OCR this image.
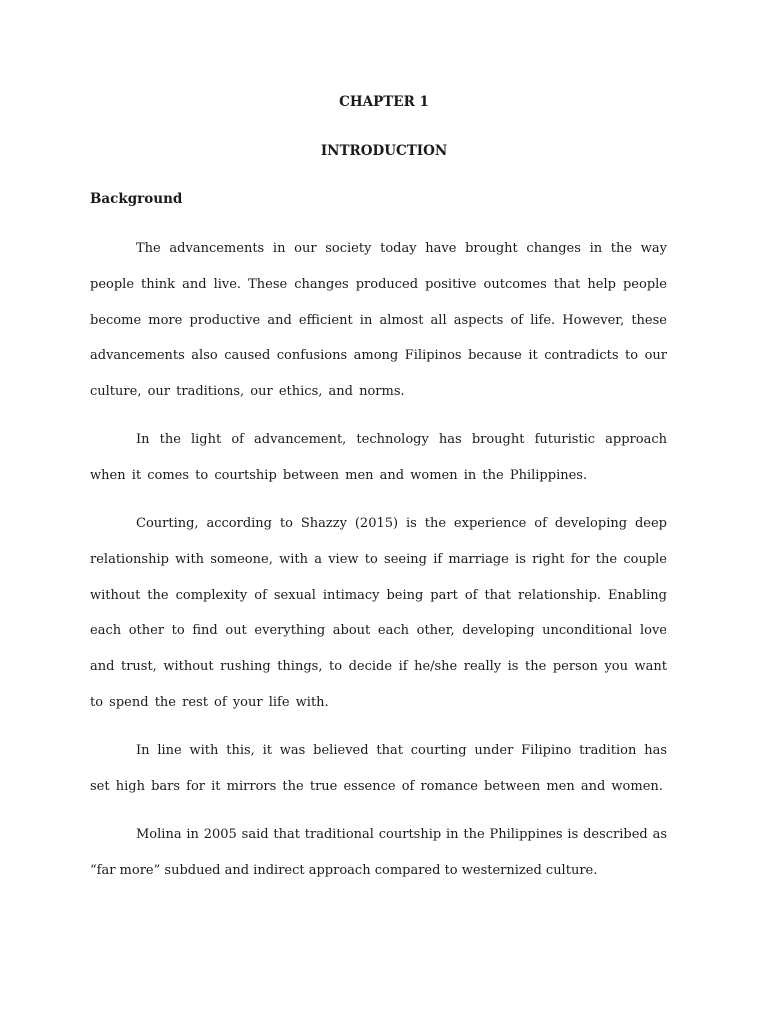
CHAPTER 1
INTRODUCTION
Background

The advancements in our society today have brought changes in the way people think and live. These changes produced positive outcomes that help people become more productive and efficient in almost all aspects of life. However, these advancements also caused confusions among Filipinos because it contradicts to our culture, our traditions, our ethics, and norms.

In the light of advancement, technology has brought futuristic approach when it comes to courtship between men and women in the Philippines.

Courting, according to Shazzy (2015) is the experience of developing deep relationship with someone, with a view to seeing if marriage is right for the couple without the complexity of sexual intimacy being part of that relationship. Enabling each other to find out everything about each other, developing unconditional love and trust, without rushing things, to decide if he/she really is the person you want to spend the rest of your life with.

In line with this, it was believed that courting under Filipino tradition has set high bars for it mirrors the true essence of romance between men and women.

Molina in 2005 said that traditional courtship in the Philippines is described as “far more” subdued and indirect approach compared to westernized culture.
